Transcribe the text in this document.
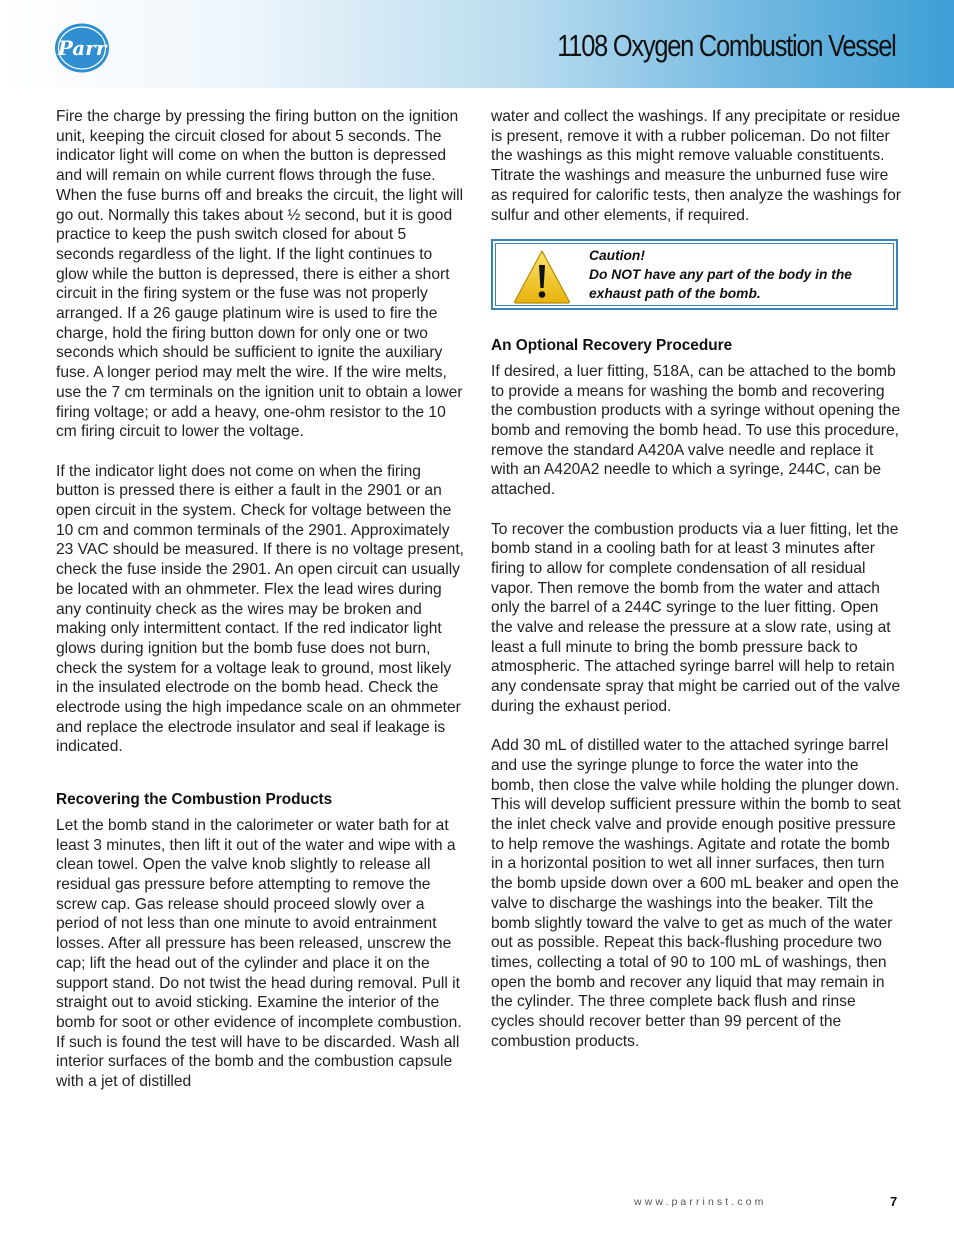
Parr	1108 Oxygen Combustion Vessel

Fire the charge by pressing the firing button on the ignition unit, keeping the circuit closed for about 5 seconds. The indicator light will come on when the button is depressed and will remain on while current flows through the fuse. When the fuse burns off and breaks the circuit, the light will go out. Normally this takes about ½ second, but it is good practice to keep the push switch closed for about 5 seconds regardless of the light. If the light continues to glow while the button is depressed, there is either a short circuit in the firing system or the fuse was not properly arranged. If a 26 gauge platinum wire is used to fire the charge, hold the firing button down for only one or two seconds which should be sufficient to ignite the auxiliary fuse. A longer period may melt the wire. If the wire melts, use the 7 cm terminals on the ignition unit to obtain a lower firing voltage; or add a heavy, one-ohm resistor to the 10 cm firing circuit to lower the voltage.

If the indicator light does not come on when the firing button is pressed there is either a fault in the 2901 or an open circuit in the system. Check for voltage between the 10 cm and common terminals of the 2901. Approximately 23 VAC should be measured. If there is no voltage present, check the fuse inside the 2901. An open circuit can usually be located with an ohmmeter. Flex the lead wires during any continuity check as the wires may be broken and making only intermittent contact. If the red indicator light glows during ignition but the bomb fuse does not burn, check the system for a voltage leak to ground, most likely in the insulated electrode on the bomb head. Check the electrode using the high impedance scale on an ohmmeter and replace the electrode insulator and seal if leakage is indicated.

Recovering the Combustion Products

Let the bomb stand in the calorimeter or water bath for at least 3 minutes, then lift it out of the water and wipe with a clean towel. Open the valve knob slightly to release all residual gas pressure before attempting to remove the screw cap. Gas release should proceed slowly over a period of not less than one minute to avoid entrainment losses. After all pressure has been released, unscrew the cap; lift the head out of the cylinder and place it on the support stand. Do not twist the head during removal. Pull it straight out to avoid sticking. Examine the interior of the bomb for soot or other evidence of incomplete combustion. If such is found the test will have to be discarded. Wash all interior surfaces of the bomb and the combustion capsule with a jet of distilled

water and collect the washings. If any precipitate or residue is present, remove it with a rubber policeman. Do not filter the washings as this might remove valuable constituents. Titrate the washings and measure the unburned fuse wire as required for calorific tests, then analyze the washings for sulfur and other elements, if required.

Caution!
Do NOT have any part of the body in the exhaust path of the bomb.
An Optional Recovery Procedure

If desired, a luer fitting, 518A, can be attached to the bomb to provide a means for washing the bomb and recovering the combustion products with a syringe without opening the bomb and removing the bomb head. To use this procedure, remove the standard A420A valve needle and replace it with an A420A2 needle to which a syringe, 244C, can be attached.

To recover the combustion products via a luer fitting, let the bomb stand in a cooling bath for at least 3 minutes after firing to allow for complete condensation of all residual vapor. Then remove the bomb from the water and attach only the barrel of a 244C syringe to the luer fitting. Open the valve and release the pressure at a slow rate, using at least a full minute to bring the bomb pressure back to atmospheric. The attached syringe barrel will help to retain any condensate spray that might be carried out of the valve during the exhaust period.

Add 30 mL of distilled water to the attached syringe barrel and use the syringe plunge to force the water into the bomb, then close the valve while holding the plunger down. This will develop sufficient pressure within the bomb to seat the inlet check valve and provide enough positive pressure to help remove the washings. Agitate and rotate the bomb in a horizontal position to wet all inner surfaces, then turn the bomb upside down over a 600 mL beaker and open the valve to discharge the washings into the beaker. Tilt the bomb slightly toward the valve to get as much of the water out as possible. Repeat this back-flushing procedure two times, collecting a total of 90 to 100 mL of washings, then open the bomb and recover any liquid that may remain in the cylinder. The three complete back flush and rinse cycles should recover better than 99 percent of the combustion products.

www.parrinst.com	7
